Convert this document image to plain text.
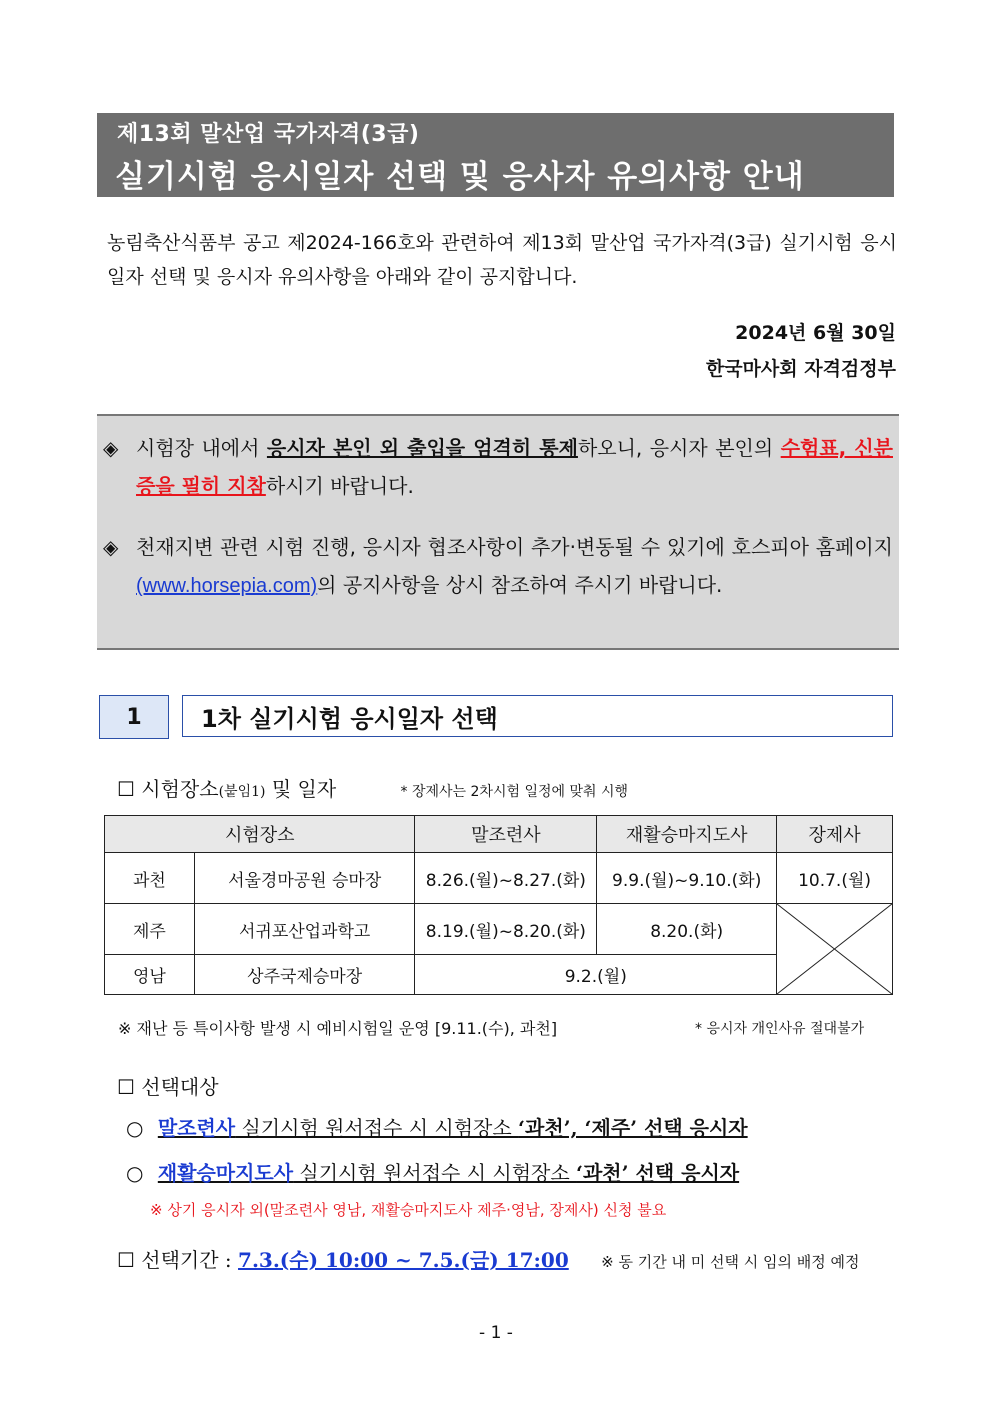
제13회 말산업 국가자격(3급)
실기시험 응시일자 선택 및 응사자 유의사항 안내
농림축산식품부 공고 제2024-166호와 관련하여 제13회 말산업 국가자격(3급) 실기시험 응시일자 선택 및 응시자 유의사항을 아래와 같이 공지합니다.
2024년 6월 30일
한국마사회 자격검정부
◈ 시험장 내에서 응시자 본인 외 출입을 엄격히 통제하오니, 응시자 본인의 수험표, 신분증을 필히 지참하시기 바랍니다.
◈ 천재지변 관련 시험 진행, 응시자 협조사항이 추가·변동될 수 있기에 호스피아 홈페이지(www.horsepia.com)의 공지사항을 상시 참조하여 주시기 바랍니다.
1	1차 실기시험 응시일자 선택
☐ 시험장소(붙임1) 및 일자	* 장제사는 2차시험 일정에 맞춰 시행
시험장소		말조련사	재활승마지도사	장제사
과천	서울경마공원 승마장	8.26.(월)~8.27.(화)	9.9.(월)~9.10.(화)	10.7.(월)
제주	서귀포산업과학고	8.19.(월)~8.20.(화)	8.20.(화)	

영남	상주국제승마장	9.2.(월)		
※ 재난 등 특이사항 발생 시 예비시험일 운영 [9.11.(수), 과천]	* 응시자 개인사유 절대불가
☐ 선택대상
○ 말조련사 실기시험 원서접수 시 시험장소 ‘과천’, ‘제주’ 선택 응시자
○ 재활승마지도사 실기시험 원서접수 시 시험장소 ‘과천’ 선택 응시자
※ 상기 응시자 외(말조련사 영남, 재활승마지도사 제주·영남, 장제사) 신청 불요
☐ 선택기간 : 7.3.(수) 10:00 ~ 7.5.(금) 17:00 ※ 동 기간 내 미 선택 시 임의 배정 예정
- 1 -
